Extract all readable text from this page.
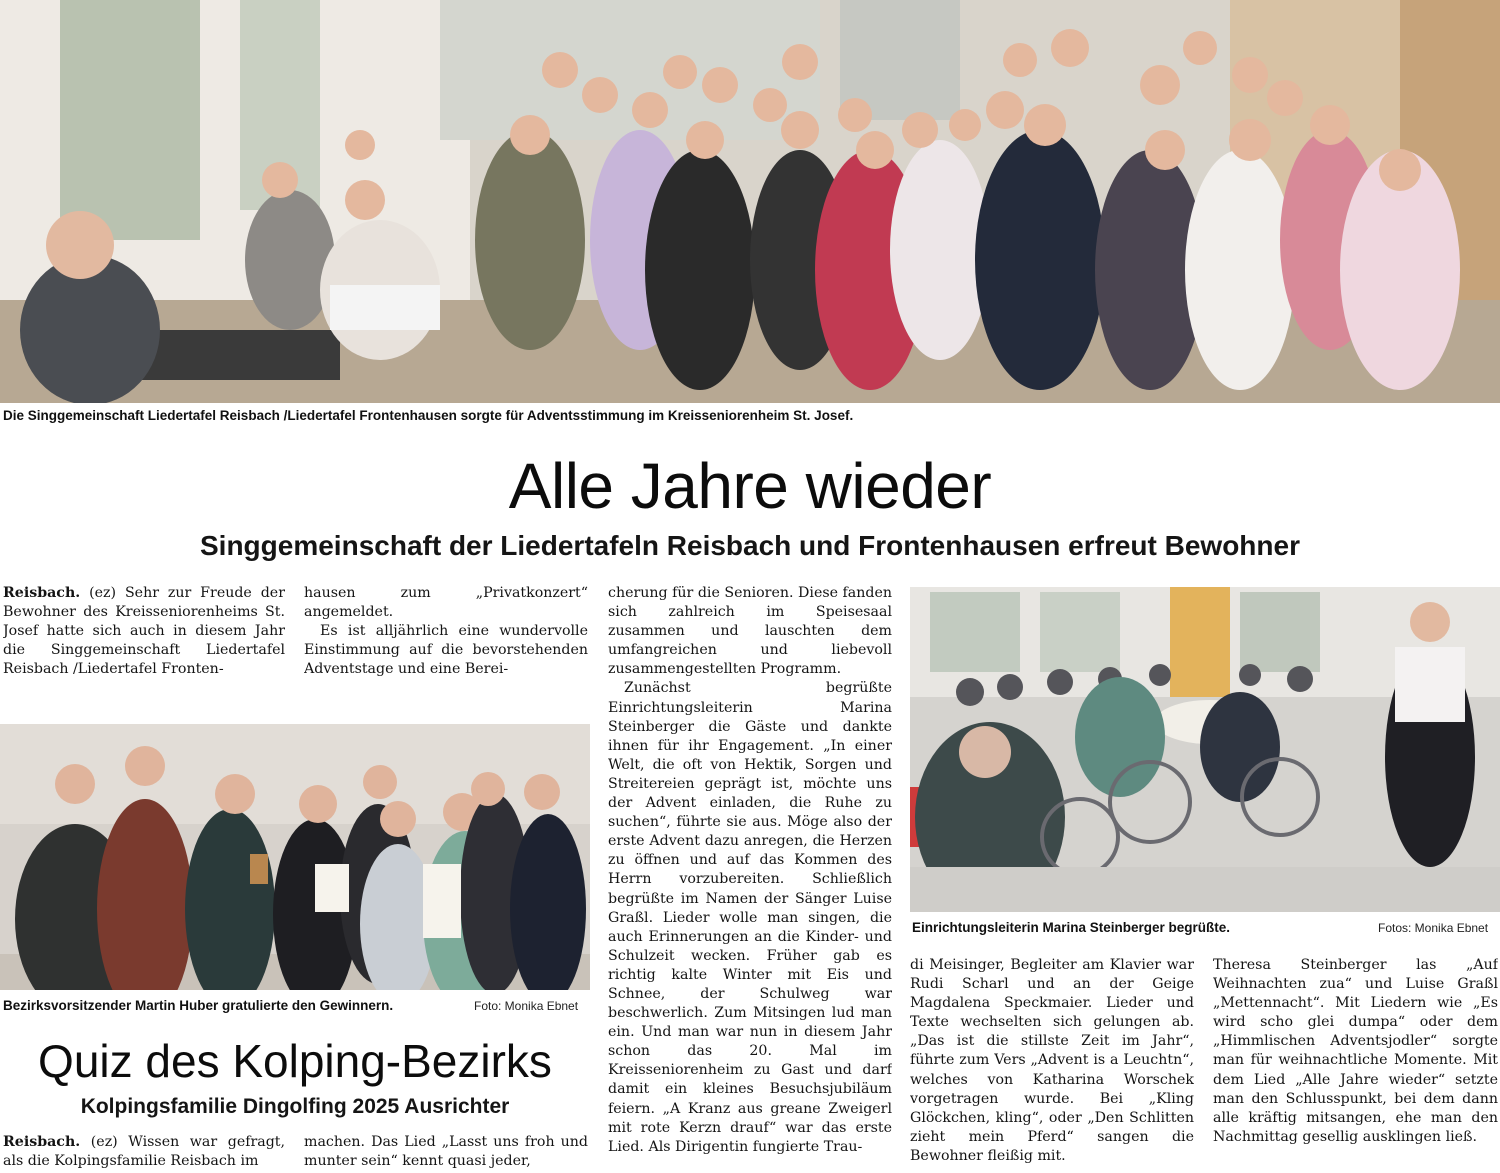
Die Singgemeinschaft Liedertafel Reisbach /Liedertafel Frontenhausen sorgte für Adventsstimmung im Kreisseniorenheim St. Josef.
Alle Jahre wieder
Singgemeinschaft der Liedertafeln Reisbach und Frontenhausen erfreut Bewohner

Reisbach. (ez) Sehr zur Freude der Bewohner des Kreisseniorenheims St. Josef hatte sich auch in diesem Jahr die Singgemeinschaft Liedertafel Reisbach /Liedertafel Fronten-

hausen zum „Privatkonzert“ angemeldet.

Es ist alljährlich eine wundervolle Einstimmung auf die bevorstehenden Adventstage und eine Berei-

cherung für die Senioren. Diese fanden sich zahlreich im Speisesaal zusammen und lauschten dem umfangreichen und liebevoll zusammengestellten Programm.

Zunächst begrüßte Einrichtungsleiterin Marina Steinberger die Gäste und dankte ihnen für ihr Engagement. „In einer Welt, die oft von Hektik, Sorgen und Streitereien geprägt ist, möchte uns der Advent einladen, die Ruhe zu suchen“, führte sie aus. Möge also der erste Advent dazu anregen, die Herzen zu öffnen und auf das Kommen des Herrn vorzubereiten. Schließlich begrüßte im Namen der Sänger Luise Graßl. Lieder wolle man singen, die auch Erinnerungen an die Kinder- und Schulzeit wecken. Früher gab es richtig kalte Winter mit Eis und Schnee, der Schulweg war beschwerlich. Zum Mitsingen lud man ein. Und man war nun in diesem Jahr schon das 20. Mal im Kreisseniorenheim zu Gast und darf damit ein kleines Besuchsjubiläum feiern. „A Kranz aus greane Zweigerl mit rote Kerzn drauf“ war das erste Lied. Als Dirigentin fungierte Trau-

Einrichtungsleiterin Marina Steinberger begrüßte.	Fotos: Monika Ebnet

di Meisinger, Begleiter am Klavier war Rudi Scharl und an der Geige Magdalena Speckmaier. Lieder und Texte wechselten sich gelungen ab. „Das ist die stillste Zeit im Jahr“, führte zum Vers „Advent is a Leuchtn“, welches von Katharina Worschek vorgetragen wurde. Bei „Kling Glöckchen, kling“, oder „Den Schlitten zieht mein Pferd“ sangen die Bewohner fleißig mit.

Theresa Steinberger las „Auf Weihnachten zua“ und Luise Graßl „Mettennacht“. Mit Liedern wie „Es wird scho glei dumpa“ oder dem „Himmlischen Adventsjodler“ sorgte man für weihnachtliche Momente. Mit dem Lied „Alle Jahre wieder“ setzte man den Schlusspunkt, bei dem dann alle kräftig mitsangen, ehe man den Nachmittag gesellig ausklingen ließ.

Bezirksvorsitzender Martin Huber gratulierte den Gewinnern.	Foto: Monika Ebnet
Quiz des Kolping-Bezirks
Kolpingsfamilie Dingolfing 2025 Ausrichter

Reisbach. (ez) Wissen war gefragt, als die Kolpingsfamilie Reisbach im

machen. Das Lied „Lasst uns froh und munter sein“ kennt quasi jeder,
